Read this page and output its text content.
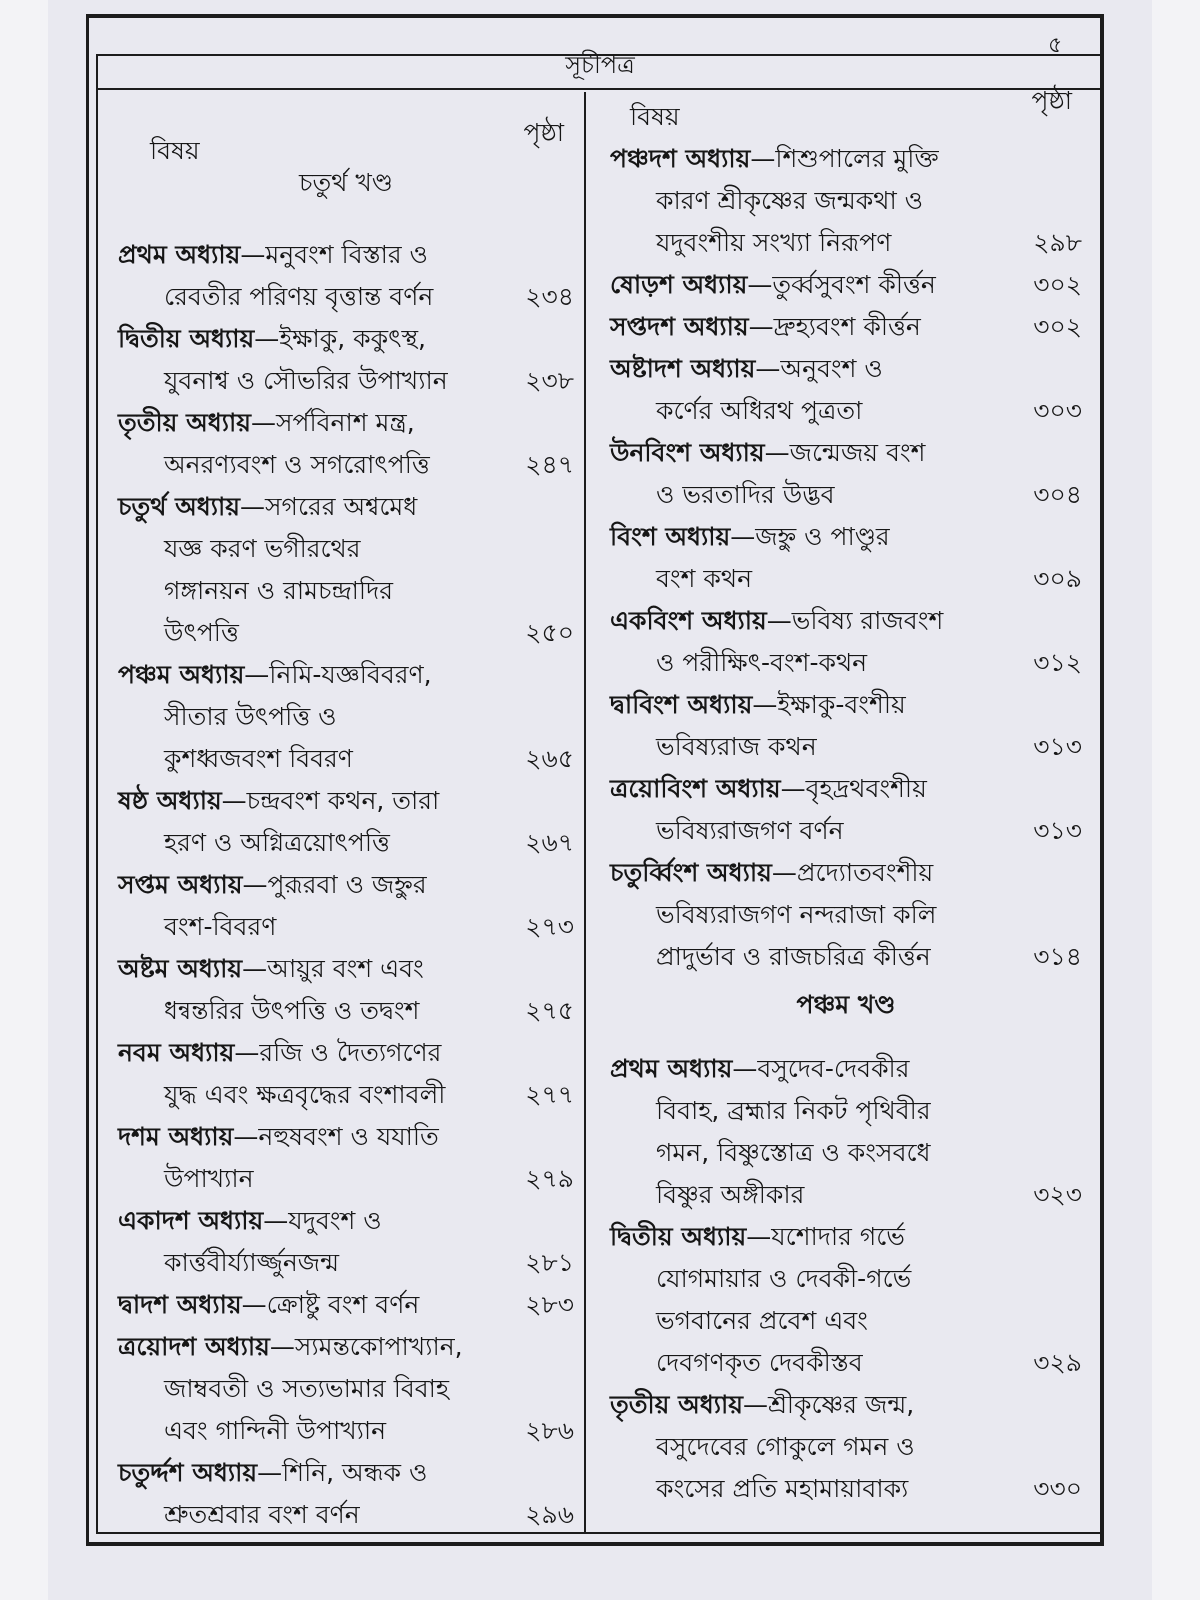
৫
সূচীপত্র
বিষয়
পৃষ্ঠা
চতুর্থ খণ্ড
প্রথম অধ্যায়—মনুবংশ বিস্তার ও
রেবতীর পরিণয় বৃত্তান্ত বর্ণন	২৩৪
দ্বিতীয় অধ্যায়—ইক্ষাকু, ককুৎস্থ,
যুবনাশ্ব ও সৌভরির উপাখ্যান	২৩৮
তৃতীয় অধ্যায়—সর্পবিনাশ মন্ত্র,
অনরণ্যবংশ ও সগরোৎপত্তি	২৪৭
চতুর্থ অধ্যায়—সগরের অশ্বমেধ
যজ্ঞ করণ ভগীরথের
গঙ্গানয়ন ও রামচন্দ্রাদির
উৎপত্তি	২৫০
পঞ্চম অধ্যায়—নিমি-যজ্ঞবিবরণ,
সীতার উৎপত্তি ও
কুশধ্বজবংশ বিবরণ	২৬৫
ষষ্ঠ অধ্যায়—চন্দ্রবংশ কথন, তারা
হরণ ও অগ্নিত্রয়োৎপত্তি	২৬৭
সপ্তম অধ্যায়—পুরূরবা ও জহ্নুর
বংশ-বিবরণ	২৭৩
অষ্টম অধ্যায়—আয়ুর বংশ এবং
ধন্বন্তরির উৎপত্তি ও তদ্বংশ	২৭৫
নবম অধ্যায়—রজি ও দৈত্যগণের
যুদ্ধ এবং ক্ষত্রবৃদ্ধের বংশাবলী	২৭৭
দশম অধ্যায়—নহুষবংশ ও যযাতি
উপাখ্যান	২৭৯
একাদশ অধ্যায়—যদুবংশ ও
কার্ত্তবীর্য্যার্জ্জুনজন্ম	২৮১
দ্বাদশ অধ্যায়—ক্রোষ্টু বংশ বর্ণন	২৮৩
ত্রয়োদশ অধ্যায়—স্যমন্তকোপাখ্যান,
জাম্ববতী ও সত্যভামার বিবাহ
এবং গান্দিনী উপাখ্যান	২৮৬
চতুর্দ্দশ অধ্যায়—শিনি, অন্ধক ও
শ্রুতশ্রবার বংশ বর্ণন	২৯৬
বিষয়
পৃষ্ঠা
পঞ্চদশ অধ্যায়—শিশুপালের মুক্তি
কারণ শ্রীকৃষ্ণের জন্মকথা ও
যদুবংশীয় সংখ্যা নিরূপণ	২৯৮
ষোড়শ অধ্যায়—তুর্ব্বসুবংশ কীর্ত্তন	৩০২
সপ্তদশ অধ্যায়—দ্রুহ্যবংশ কীর্ত্তন	৩০২
অষ্টাদশ অধ্যায়—অনুবংশ ও
কর্ণের অধিরথ পুত্রতা	৩০৩
উনবিংশ অধ্যায়—জন্মেজয় বংশ
ও ভরতাদির উদ্ভব	৩০৪
বিংশ অধ্যায়—জহ্নু ও পাণ্ডুর
বংশ কথন	৩০৯
একবিংশ অধ্যায়—ভবিষ্য রাজবংশ
ও পরীক্ষিৎ-বংশ-কথন	৩১২
দ্বাবিংশ অধ্যায়—ইক্ষাকু-বংশীয়
ভবিষ্যরাজ কথন	৩১৩
ত্রয়োবিংশ অধ্যায়—বৃহদ্রথবংশীয়
ভবিষ্যরাজগণ বর্ণন	৩১৩
চতুর্ব্বিংশ অধ্যায়—প্রদ্যোতবংশীয়
ভবিষ্যরাজগণ নন্দরাজা কলি
প্রাদুর্ভাব ও রাজচরিত্র কীর্ত্তন	৩১৪
পঞ্চম খণ্ড
প্রথম অধ্যায়—বসুদেব-দেবকীর
বিবাহ, ব্রহ্মার নিকট পৃথিবীর
গমন, বিষ্ণুস্তোত্র ও কংসবধে
বিষ্ণুর অঙ্গীকার	৩২৩
দ্বিতীয় অধ্যায়—যশোদার গর্ভে
যোগমায়ার ও দেবকী-গর্ভে
ভগবানের প্রবেশ এবং
দেবগণকৃত দেবকীস্তব	৩২৯
তৃতীয় অধ্যায়—শ্রীকৃষ্ণের জন্ম,
বসুদেবের গোকুলে গমন ও
কংসের প্রতি মহামায়াবাক্য	৩৩০
